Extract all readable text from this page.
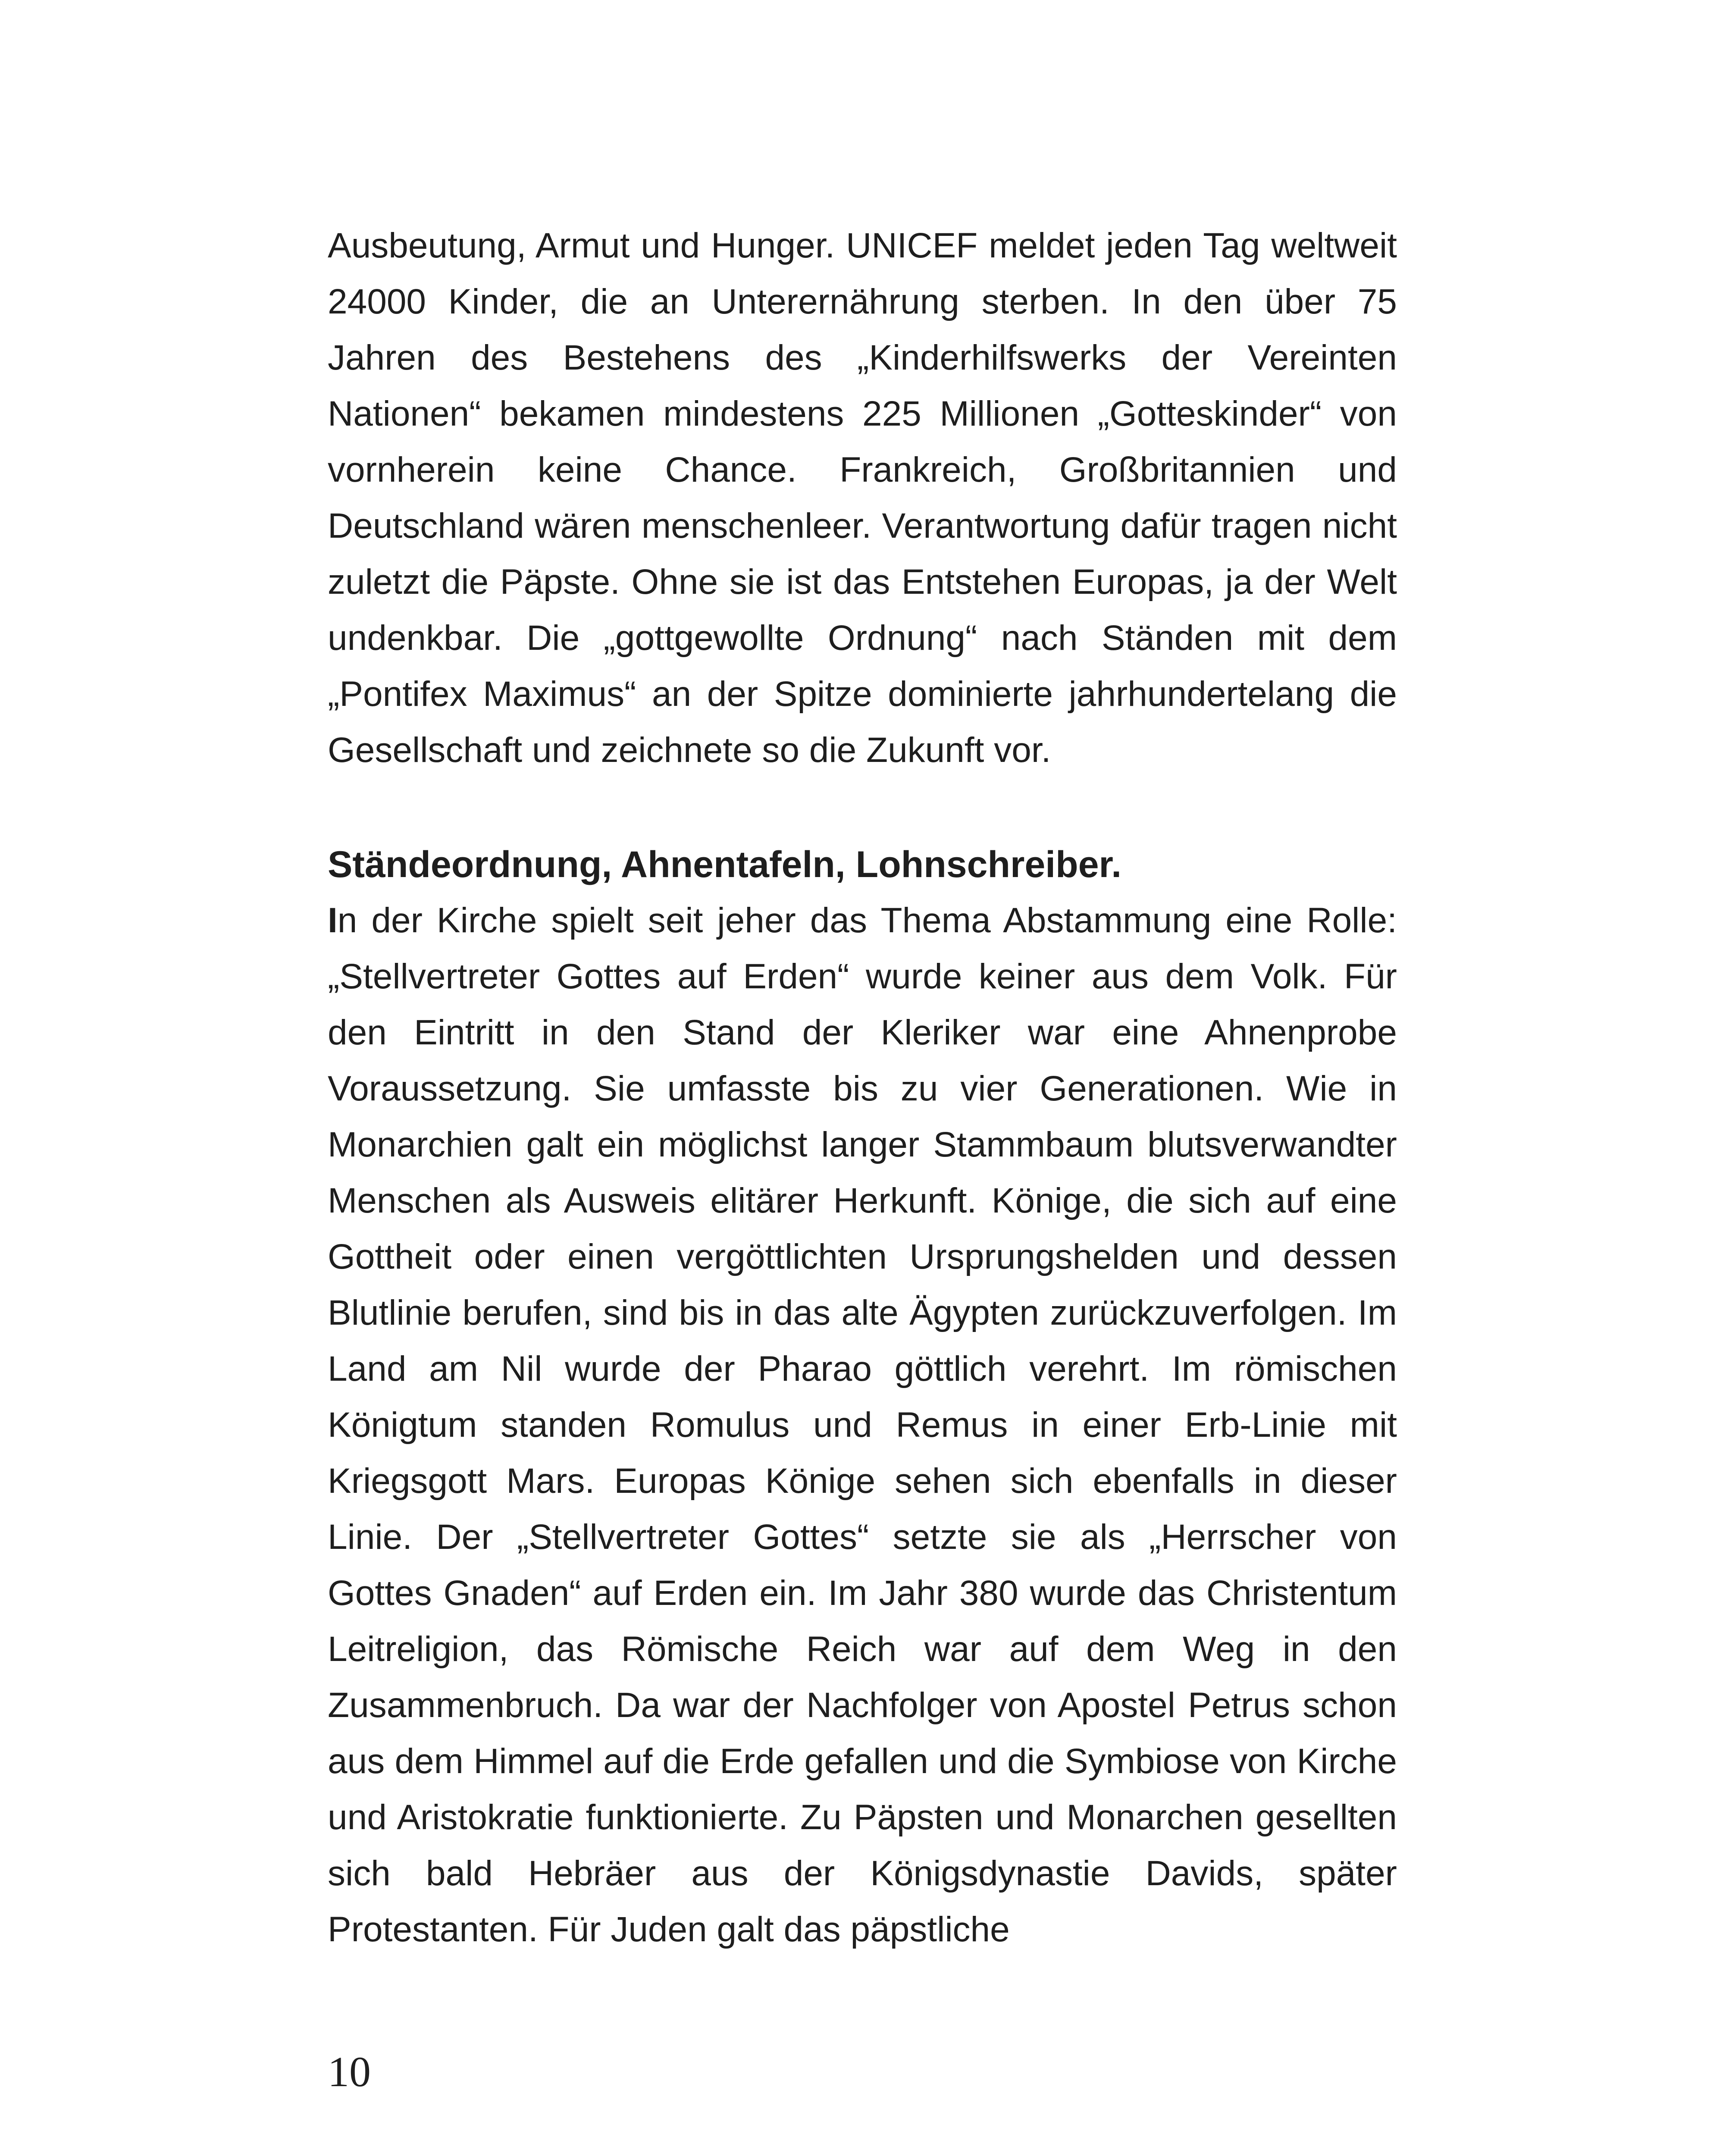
Ausbeutung, Armut und Hunger. UNICEF meldet jeden Tag weltweit 24000 Kinder, die an Unterernährung sterben. In den über 75 Jahren des Bestehens des „Kinderhilfswerks der Vereinten Nationen“ bekamen mindestens 225 Millionen „Gotteskinder“ von vornherein keine Chance. Frankreich, Großbritannien und Deutschland wären menschenleer. Verantwortung dafür tragen nicht zuletzt die Päpste. Ohne sie ist das Entstehen Europas, ja der Welt undenkbar. Die „gottgewollte Ordnung“ nach Ständen mit dem „Pontifex Maximus“ an der Spitze dominierte jahrhundertelang die Gesellschaft und zeichnete so die Zukunft vor.
Ständeordnung, Ahnentafeln, Lohnschreiber.
In der Kirche spielt seit jeher das Thema Abstammung eine Rolle: „Stellvertreter Gottes auf Erden“ wurde keiner aus dem Volk. Für den Eintritt in den Stand der Kleriker war eine Ahnenprobe Voraussetzung. Sie umfasste bis zu vier Generationen. Wie in Monarchien galt ein möglichst langer Stammbaum blutsverwandter Menschen als Ausweis elitärer Herkunft. Könige, die sich auf eine Gottheit oder einen vergöttlichten Ursprungshelden und dessen Blutlinie berufen, sind bis in das alte Ägypten zurückzuverfolgen. Im Land am Nil wurde der Pharao göttlich verehrt. Im römischen Königtum standen Romulus und Remus in einer Erb-Linie mit Kriegsgott Mars. Europas Könige sehen sich ebenfalls in dieser Linie. Der „Stellvertreter Gottes“ setzte sie als „Herrscher von Gottes Gnaden“ auf Erden ein. Im Jahr 380 wurde das Christentum Leitreligion, das Römische Reich war auf dem Weg in den Zusammenbruch. Da war der Nachfolger von Apostel Petrus schon aus dem Himmel auf die Erde gefallen und die Symbiose von Kirche und Aristokratie funktionierte. Zu Päpsten und Monarchen gesellten sich bald Hebräer aus der Königsdynastie Davids, später Protestanten. Für Juden galt das päpstliche
10
